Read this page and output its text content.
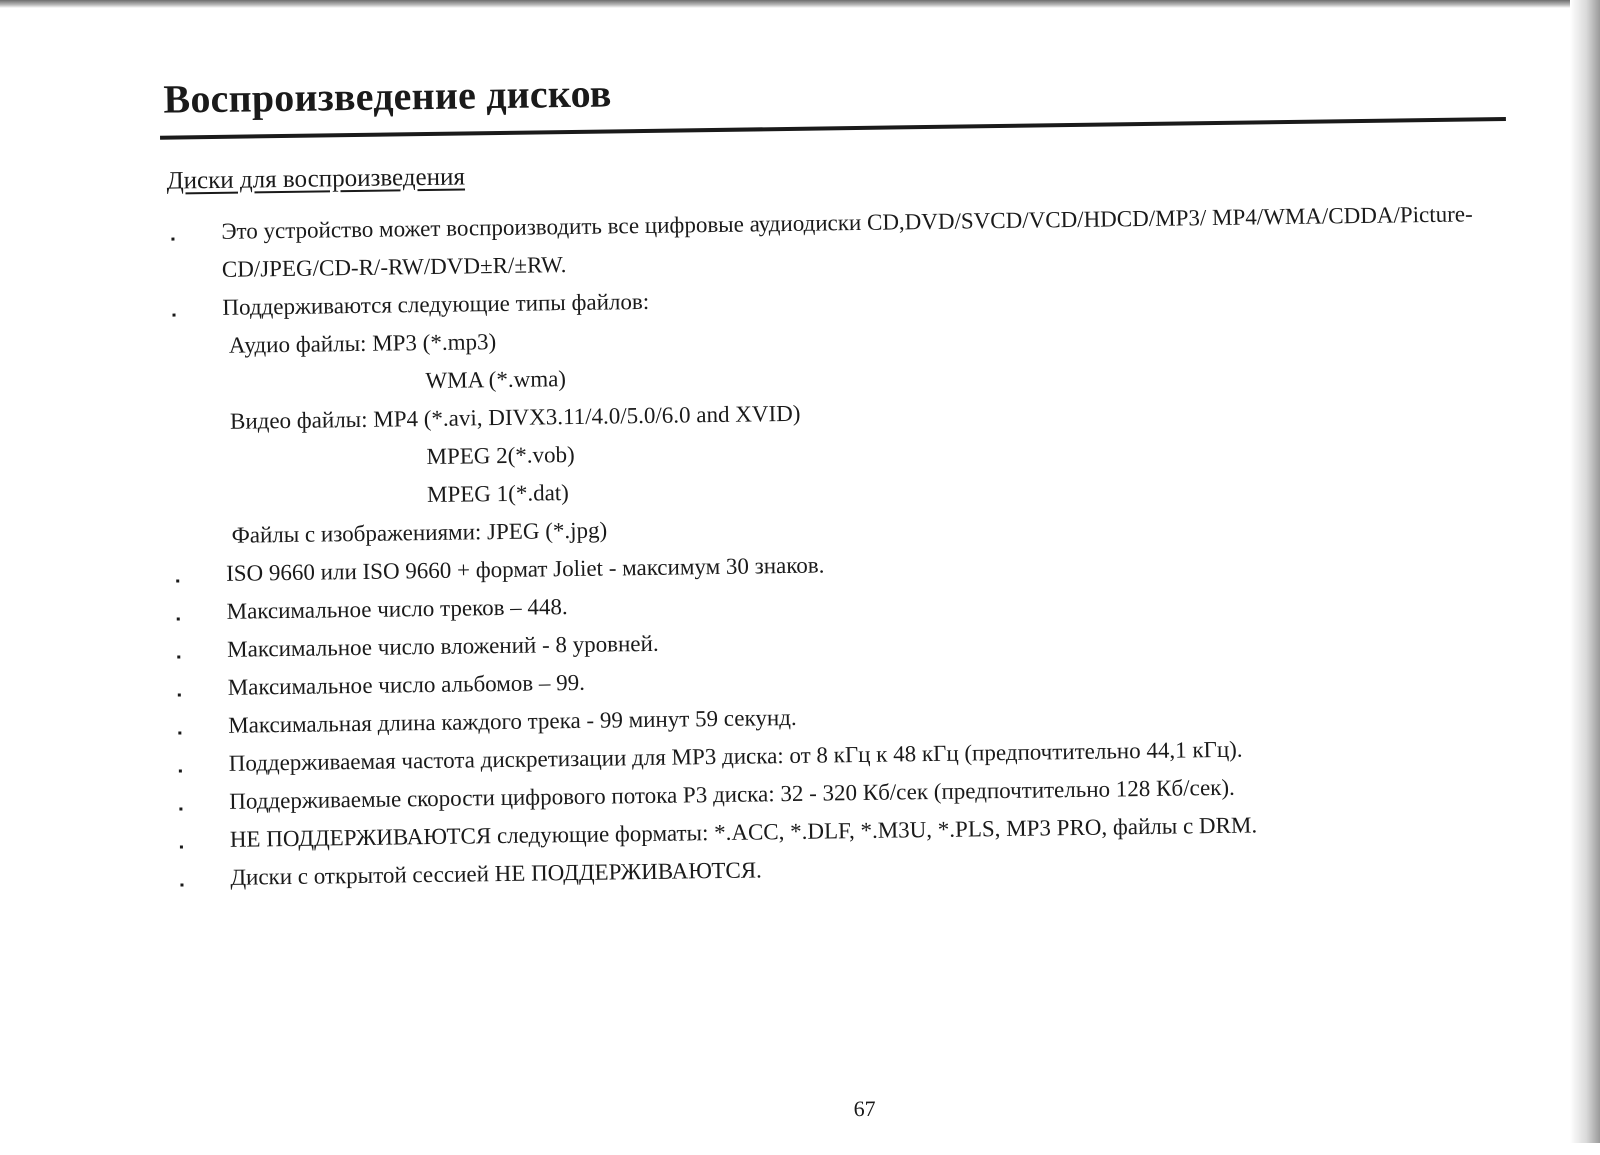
Воспроизведение дисков
Диски для воспроизведения

Это устройство может воспроизводить все цифровые аудиодиски CD,DVD/SVCD/VCD/HDCD/MP3/ MP4/WMA/CDDA/Picture-CD/JPEG/CD-R/-RW/DVD±R/±RW.

Поддерживаются следующие типы файлов:

Аудио файлы:
MP3 (*.mp3)

WMA (*.wma)

Видео файлы:
MP4 (*.avi, DIVX3.11/4.0/5.0/6.0 and XVID)

MPEG 2(*.vob)

MPEG 1(*.dat)

Файлы с изображениями:
JPEG (*.jpg)

ISO 9660 или ISO 9660 + формат Joliet - максимум 30 знаков.

Максимальное число треков – 448.

Максимальное число вложений - 8 уровней.

Максимальное число альбомов – 99.

Максимальная длина каждого трека - 99 минут 59 секунд.

Поддерживаемая частота дискретизации для MP3 диска: от 8 кГц к 48 кГц (предпочтительно 44,1 кГц).

Поддерживаемые скорости цифрового потока P3 диска: 32 - 320 Кб/сек (предпочтительно 128 Кб/сек).

НЕ ПОДДЕРЖИВАЮТСЯ следующие форматы: *.ACC, *.DLF, *.M3U, *.PLS, MP3 PRO, файлы с DRM.

Диски с открытой сессией НЕ ПОДДЕРЖИВАЮТСЯ.

67
